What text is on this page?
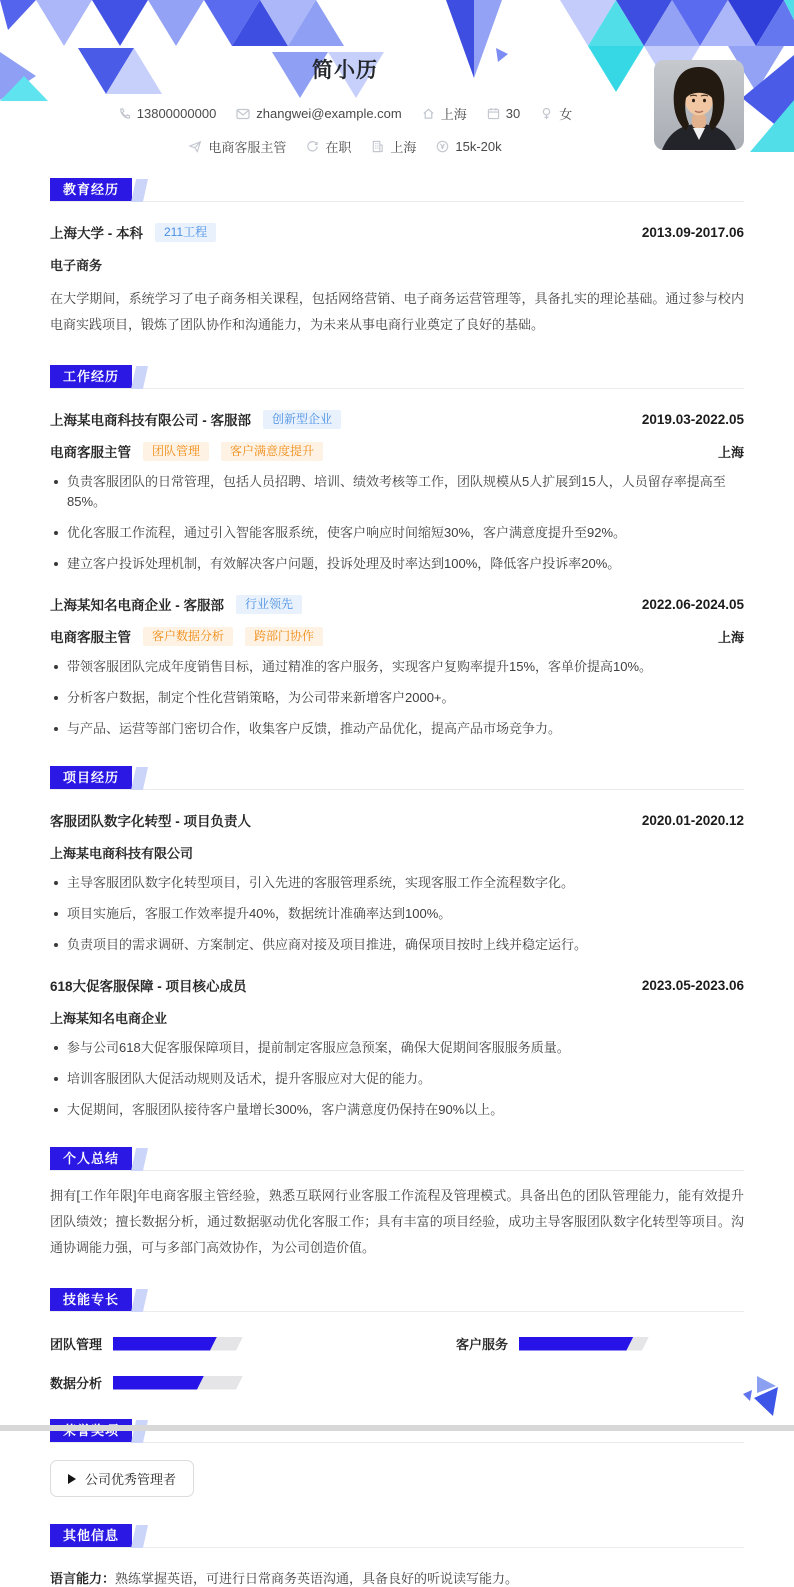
简小历
13800000000	zhangwei@example.com	上海	30	女
电商客服主管	在职	上海	15k-20k
教育经历
上海大学 - 本科	211工程	2013.09-2017.06
电子商务

在大学期间，系统学习了电子商务相关课程，包括网络营销、电子商务运营管理等，具备扎实的理论基础。通过参与校内电商实践项目，锻炼了团队协作和沟通能力，为未来从事电商行业奠定了良好的基础。

工作经历
上海某电商科技有限公司 - 客服部	创新型企业	2019.03-2022.05
电商客服主管	团队管理	客户满意度提升	上海
负责客服团队的日常管理，包括人员招聘、培训、绩效考核等工作，团队规模从5人扩展到15人，人员留存率提高至85%。
优化客服工作流程，通过引入智能客服系统，使客户响应时间缩短30%，客户满意度提升至92%。
建立客户投诉处理机制，有效解决客户问题，投诉处理及时率达到100%，降低客户投诉率20%。
上海某知名电商企业 - 客服部	行业领先	2022.06-2024.05
电商客服主管	客户数据分析	跨部门协作	上海
带领客服团队完成年度销售目标，通过精准的客户服务，实现客户复购率提升15%，客单价提高10%。
分析客户数据，制定个性化营销策略，为公司带来新增客户2000+。
与产品、运营等部门密切合作，收集客户反馈，推动产品优化，提高产品市场竞争力。
项目经历
客服团队数字化转型 - 项目负责人	2020.01-2020.12
上海某电商科技有限公司
主导客服团队数字化转型项目，引入先进的客服管理系统，实现客服工作全流程数字化。
项目实施后，客服工作效率提升40%，数据统计准确率达到100%。
负责项目的需求调研、方案制定、供应商对接及项目推进，确保项目按时上线并稳定运行。
618大促客服保障 - 项目核心成员	2023.05-2023.06
上海某知名电商企业
参与公司618大促客服保障项目，提前制定客服应急预案，确保大促期间客服服务质量。
培训客服团队大促活动规则及话术，提升客服应对大促的能力。
大促期间，客服团队接待客户量增长300%，客户满意度仍保持在90%以上。
个人总结

拥有[工作年限]年电商客服主管经验，熟悉互联网行业客服工作流程及管理模式。具备出色的团队管理能力，能有效提升团队绩效；擅长数据分析，通过数据驱动优化客服工作；具有丰富的项目经验，成功主导客服团队数字化转型等项目。沟通协调能力强，可与多部门高效协作，为公司创造价值。

技能专长
团队管理	客户服务
数据分析
公司优秀管理者
其他信息

语言能力：熟练掌握英语，可进行日常商务英语沟通，具备良好的听说读写能力。
